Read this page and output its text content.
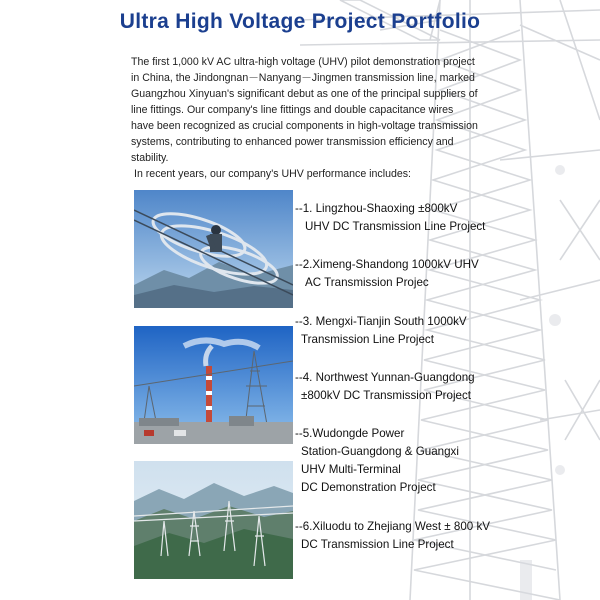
Ultra High Voltage Project Portfolio

The first 1,000 kV AC ultra-high voltage (UHV) pilot demonstration project
in China, the Jindongnan－Nanyang－Jingmen transmission line, marked
Guangzhou Xinyuan's significant debut as one of the principal suppliers of
line fittings. Our company's line fittings and double capacitance wires
have been recognized as crucial components in high-voltage transmission
systems, contributing to enhanced power transmission efficiency and stability.

In recent years, our company's UHV performance includes:

--1. Lingzhou-Shaoxing ±800kV
UHV DC Transmission Line Project
--2.Ximeng-Shandong 1000kV UHV
AC Transmission Projec
--3. Mengxi-Tianjin South 1000kV
Transmission Line Project
--4. Northwest Yunnan-Guangdong
±800kV DC Transmission Project
--5.Wudongde Power
Station-Guangdong & Guangxi
UHV Multi-Terminal
DC Demonstration Project
--6.Xiluodu to Zhejiang West ± 800 kV
DC Transmission Line Project
